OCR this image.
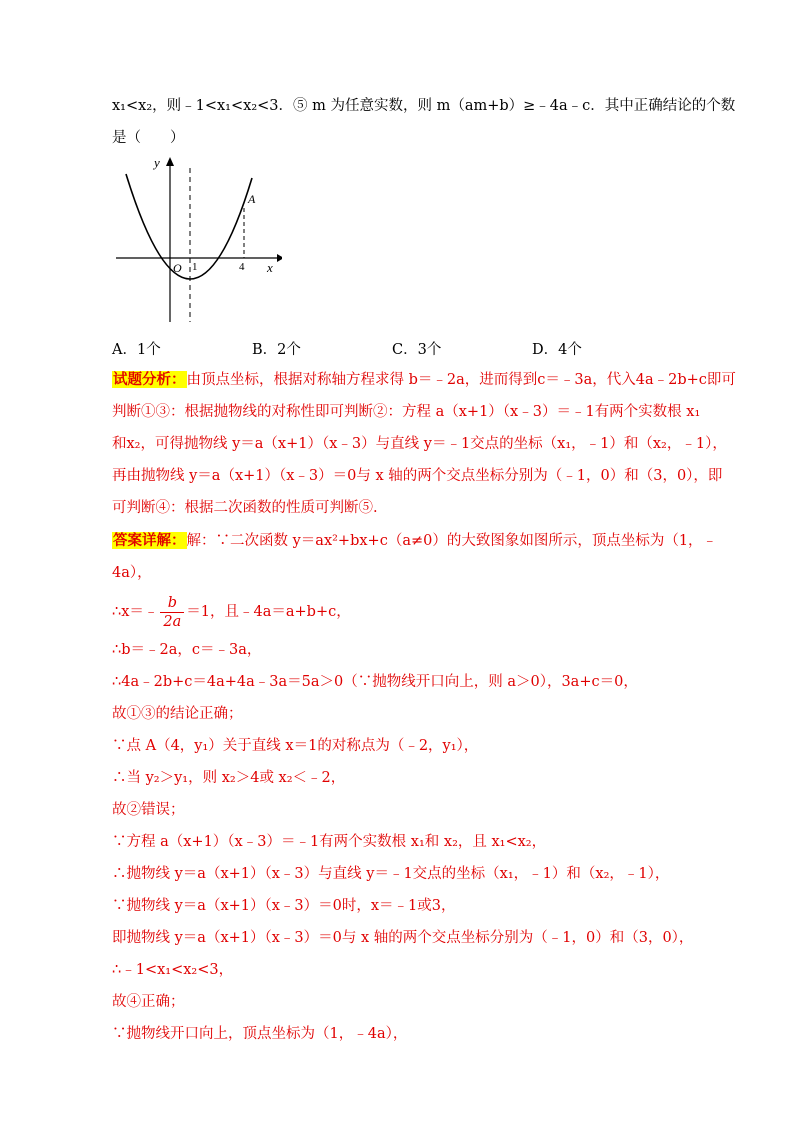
x₁<x₂，则﹣1<x₁<x₂<3．⑤ m 为任意实数，则 m（am+b）≥﹣4a﹣c．其中正确结论的个数
是（　　）
y
x
O 1	4
A
A．1个	B．2个	C．3个	D．4个
试题分析：由顶点坐标，根据对称轴方程求得 b＝﹣2a，进而得到c＝﹣3a，代入4a﹣2b+c即可
判断①③：根据抛物线的对称性即可判断②：方程 a（x+1）（x﹣3）＝﹣1有两个实数根 x₁
和x₂，可得抛物线 y＝a（x+1）（x﹣3）与直线 y＝﹣1交点的坐标（x₁，﹣1）和（x₂，﹣1），
再由抛物线 y＝a（x+1）（x﹣3）＝0与 x 轴的两个交点坐标分别为（﹣1，0）和（3，0），即
可判断④：根据二次函数的性质可判断⑤.
答案详解：解：∵二次函数 y＝ax²+bx+c（a≠0）的大致图象如图所示，顶点坐标为（1，﹣
4a），
∴x＝﹣ $\frac{b}{2a} =1$，且﹣4a＝a+b+c，
∴b＝﹣2a，c＝﹣3a，
∴4a﹣2b+c＝4a+4a﹣3a＝5a＞0（∵抛物线开口向上，则 a＞0），3a+c＝0，
故①③的结论正确；
∵点 A（4，y₁）关于直线 x＝1的对称点为（﹣2，y₁），
∴当 y₂＞y₁，则 x₂＞4或 x₂＜﹣2，
故②错误；
∵方程 a（x+1）（x﹣3）＝﹣1有两个实数根 x₁和 x₂，且 x₁<x₂，
∴抛物线 y＝a（x+1）（x﹣3）与直线 y＝﹣1交点的坐标（x₁，﹣1）和（x₂，﹣1），
∵抛物线 y＝a（x+1）（x﹣3）＝0时，x＝﹣1或3，
即抛物线 y＝a（x+1）（x﹣3）＝0与 x 轴的两个交点坐标分别为（﹣1，0）和（3，0），
∴﹣1<x₁<x₂<3，
故④正确；
∵抛物线开口向上，顶点坐标为（1，﹣4a），
